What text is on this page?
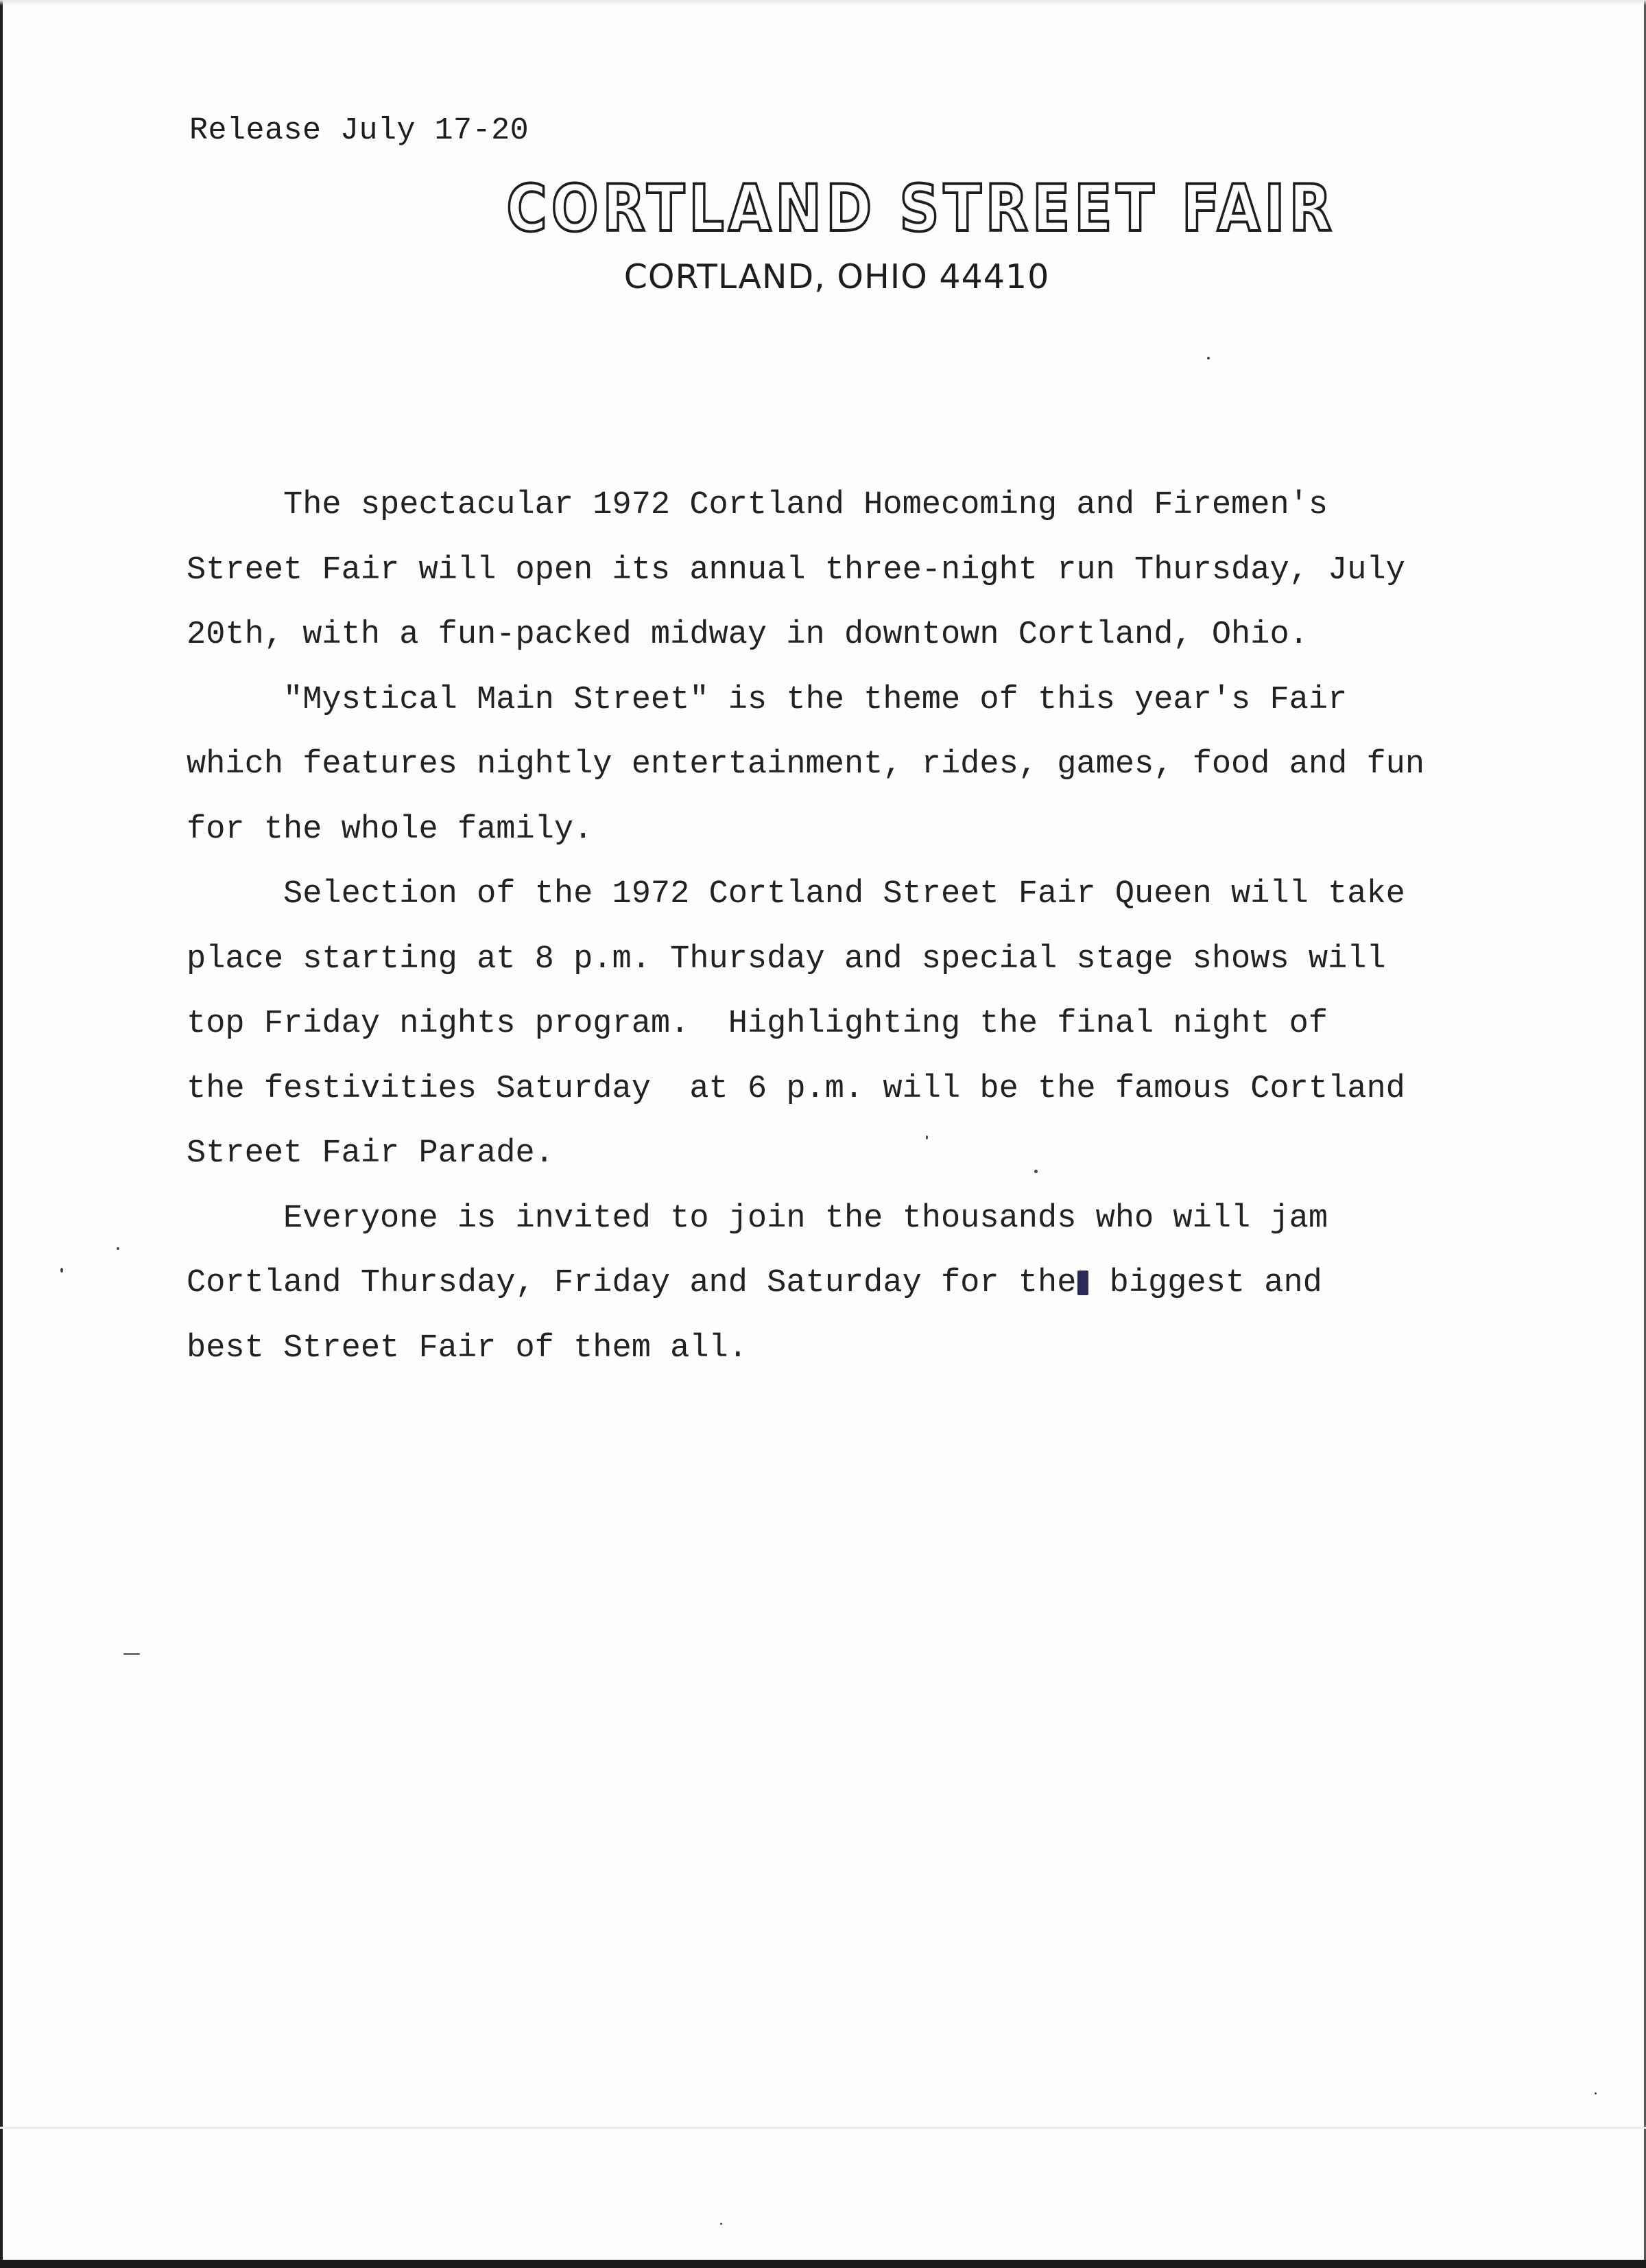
Release July 17-20
CORTLAND STREET FAIR
CORTLAND, OHIO 44410
The spectacular 1972 Cortland Homecoming and Firemen's
Street Fair will open its annual three-night run Thursday, July
20th, with a fun-packed midway in downtown Cortland, Ohio.
"Mystical Main Street" is the theme of this year's Fair
which features nightly entertainment, rides, games, food and fun
for the whole family.
Selection of the 1972 Cortland Street Fair Queen will take
place starting at 8 p.m. Thursday and special stage shows will
top Friday nights program.  Highlighting the final night of
the festivities Saturday  at 6 p.m. will be the famous Cortland
Street Fair Parade.
Everyone is invited to join the thousands who will jam
Cortland Thursday, Friday and Saturday for the biggest and
best Street Fair of them all.
